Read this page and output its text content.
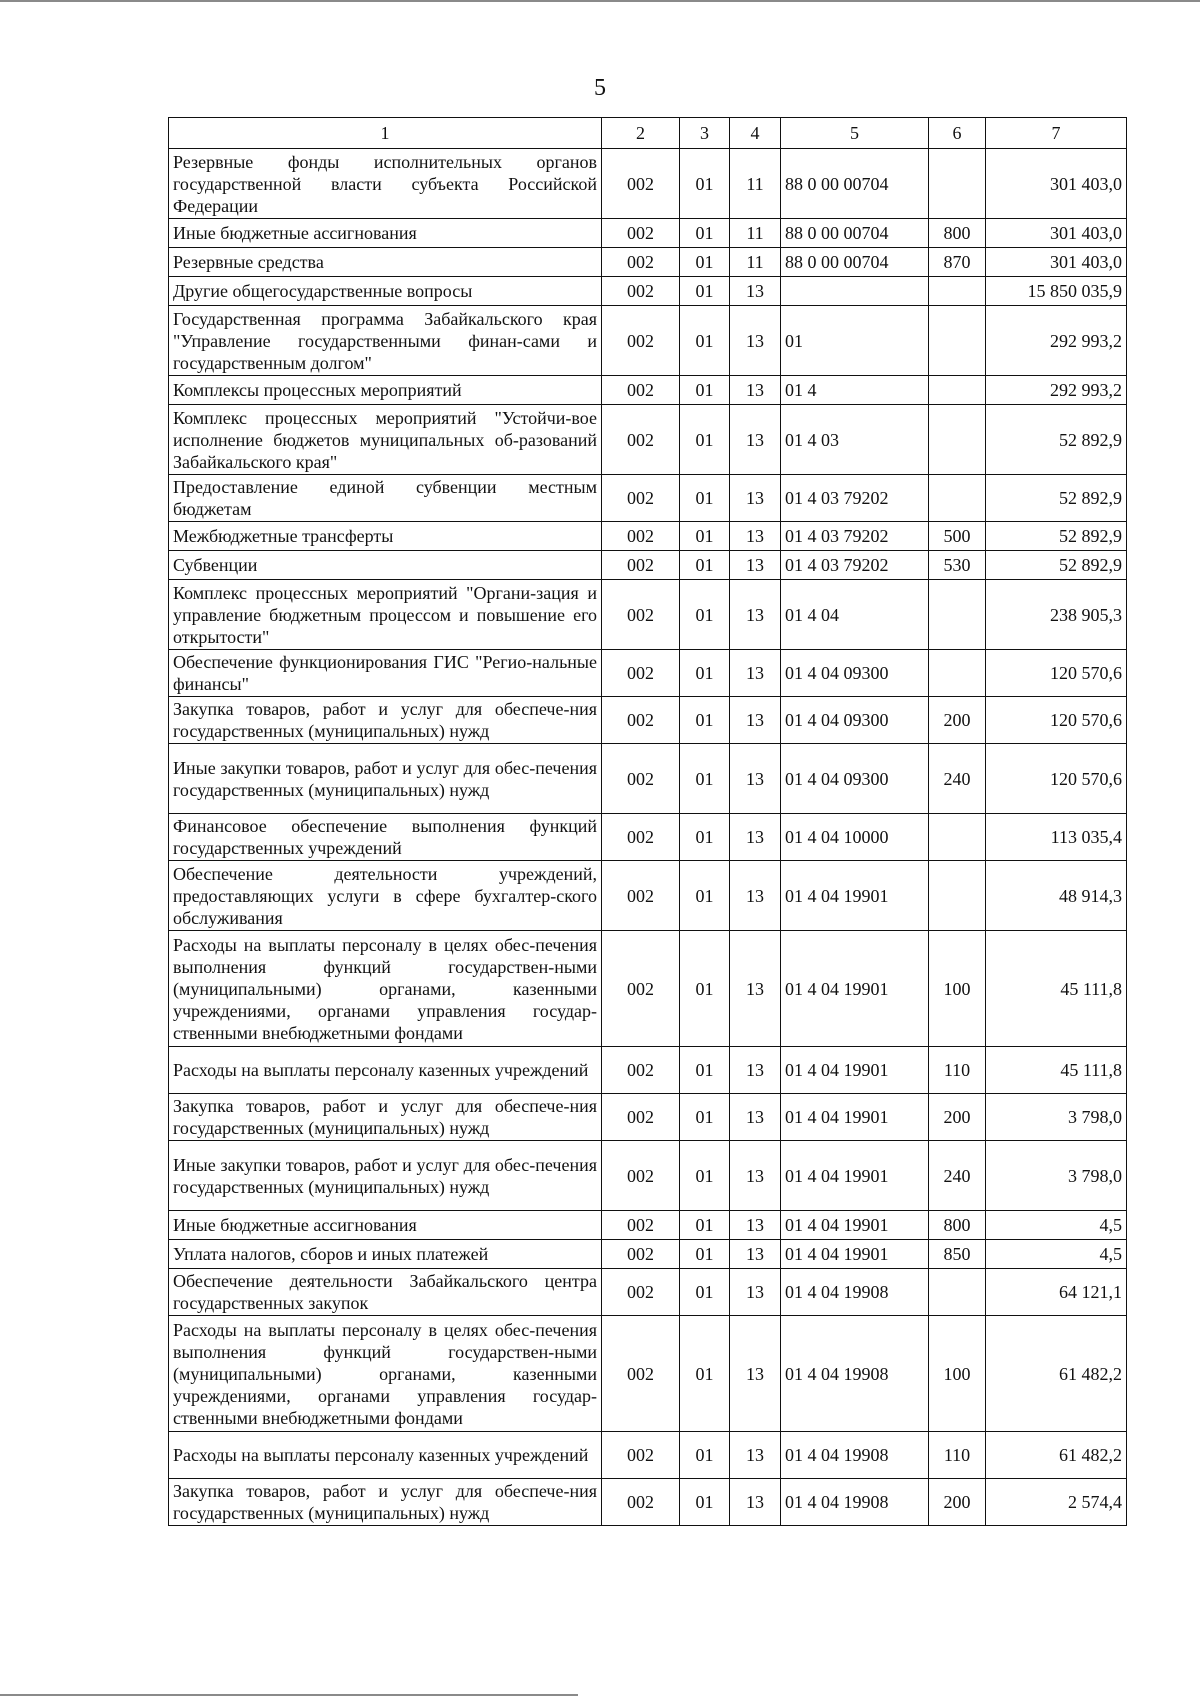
5
1	2	3	4	5	6	7
Резервные фонды исполнительных органов государственной власти субъекта Российской Федерации	002	01	11	88 0 00 00704		301 403,0
Иные бюджетные ассигнования	002	01	11	88 0 00 00704	800	301 403,0
Резервные средства	002	01	11	88 0 00 00704	870	301 403,0
Другие общегосударственные вопросы	002	01	13			15 850 035,9
Государственная программа Забайкальского края "Управление государственными финан-сами и государственным долгом"	002	01	13	01		292 993,2
Комплексы процессных мероприятий	002	01	13	01 4		292 993,2
Комплекс процессных мероприятий "Устойчи-вое исполнение бюджетов муниципальных об-разований Забайкальского края"	002	01	13	01 4 03		52 892,9
Предоставление единой субвенции местным бюджетам	002	01	13	01 4 03 79202		52 892,9
Межбюджетные трансферты	002	01	13	01 4 03 79202	500	52 892,9
Субвенции	002	01	13	01 4 03 79202	530	52 892,9
Комплекс процессных мероприятий "Органи-зация и управление бюджетным процессом и повышение его открытости"	002	01	13	01 4 04		238 905,3
Обеспечение функционирования ГИС "Регио-нальные финансы"	002	01	13	01 4 04 09300		120 570,6
Закупка товаров, работ и услуг для обеспече-ния государственных (муниципальных) нужд	002	01	13	01 4 04 09300	200	120 570,6
Иные закупки товаров, работ и услуг для обес-печения государственных (муниципальных) нужд	002	01	13	01 4 04 09300	240	120 570,6
Финансовое обеспечение выполнения функций государственных учреждений	002	01	13	01 4 04 10000		113 035,4
Обеспечение деятельности учреждений, предоставляющих услуги в сфере бухгалтер-ского обслуживания	002	01	13	01 4 04 19901		48 914,3
Расходы на выплаты персоналу в целях обес-печения выполнения функций государствен-ными (муниципальными) органами, казенными учреждениями, органами управления государ-ственными внебюджетными фондами	002	01	13	01 4 04 19901	100	45 111,8
Расходы на выплаты персоналу казенных учреждений	002	01	13	01 4 04 19901	110	45 111,8
Закупка товаров, работ и услуг для обеспече-ния государственных (муниципальных) нужд	002	01	13	01 4 04 19901	200	3 798,0
Иные закупки товаров, работ и услуг для обес-печения государственных (муниципальных) нужд	002	01	13	01 4 04 19901	240	3 798,0
Иные бюджетные ассигнования	002	01	13	01 4 04 19901	800	4,5
Уплата налогов, сборов и иных платежей	002	01	13	01 4 04 19901	850	4,5
Обеспечение деятельности Забайкальского центра государственных закупок	002	01	13	01 4 04 19908		64 121,1
Расходы на выплаты персоналу в целях обес-печения выполнения функций государствен-ными (муниципальными) органами, казенными учреждениями, органами управления государ-ственными внебюджетными фондами	002	01	13	01 4 04 19908	100	61 482,2
Расходы на выплаты персоналу казенных учреждений	002	01	13	01 4 04 19908	110	61 482,2
Закупка товаров, работ и услуг для обеспече-ния государственных (муниципальных) нужд	002	01	13	01 4 04 19908	200	2 574,4
